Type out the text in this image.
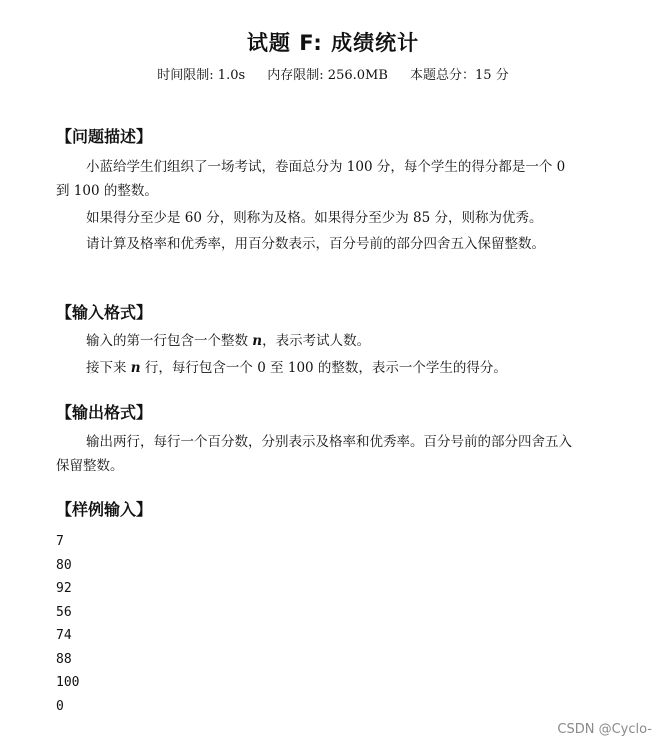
试题 F: 成绩统计
时间限制: 1.0s 内存限制: 256.0MB 本题总分：15 分
【问题描述】

小蓝给学生们组织了一场考试，卷面总分为 100 分，每个学生的得分都是一个 0 到 100 的整数。

如果得分至少是 60 分，则称为及格。如果得分至少为 85 分，则称为优秀。

请计算及格率和优秀率，用百分数表示，百分号前的部分四舍五入保留整数。

【输入格式】

输入的第一行包含一个整数 n，表示考试人数。

接下来 n 行，每行包含一个 0 至 100 的整数，表示一个学生的得分。

【输出格式】

输出两行，每行一个百分数，分别表示及格率和优秀率。百分号前的部分四舍五入保留整数。

【样例输入】
7
80
92
56
74
88
100
0
CSDN @Cyclo-
